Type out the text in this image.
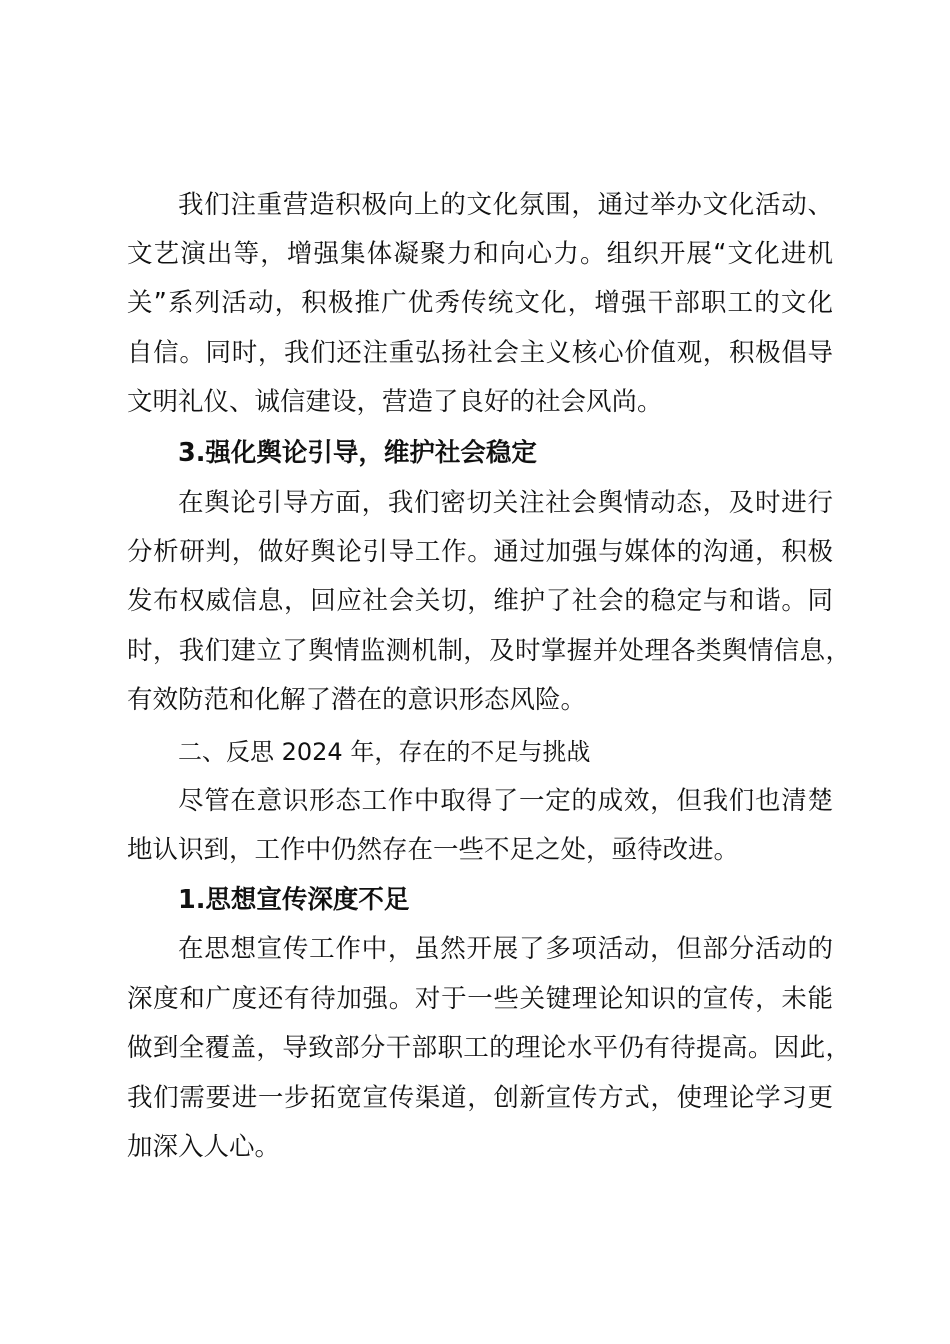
我们注重营造积极向上的文化氛围，通过举办文化活动、
文艺演出等，增强集体凝聚力和向心力。组织开展“文化进机
关”系列活动，积极推广优秀传统文化，增强干部职工的文化
自信。同时，我们还注重弘扬社会主义核心价值观，积极倡导
文明礼仪、诚信建设，营造了良好的社会风尚。
3.强化舆论引导，维护社会稳定
在舆论引导方面，我们密切关注社会舆情动态，及时进行
分析研判，做好舆论引导工作。通过加强与媒体的沟通，积极
发布权威信息，回应社会关切，维护了社会的稳定与和谐。同
时，我们建立了舆情监测机制，及时掌握并处理各类舆情信息，
有效防范和化解了潜在的意识形态风险。
二、反思 2024 年，存在的不足与挑战
尽管在意识形态工作中取得了一定的成效，但我们也清楚
地认识到，工作中仍然存在一些不足之处，亟待改进。
1.思想宣传深度不足
在思想宣传工作中，虽然开展了多项活动，但部分活动的
深度和广度还有待加强。对于一些关键理论知识的宣传，未能
做到全覆盖，导致部分干部职工的理论水平仍有待提高。因此，
我们需要进一步拓宽宣传渠道，创新宣传方式，使理论学习更
加深入人心。
